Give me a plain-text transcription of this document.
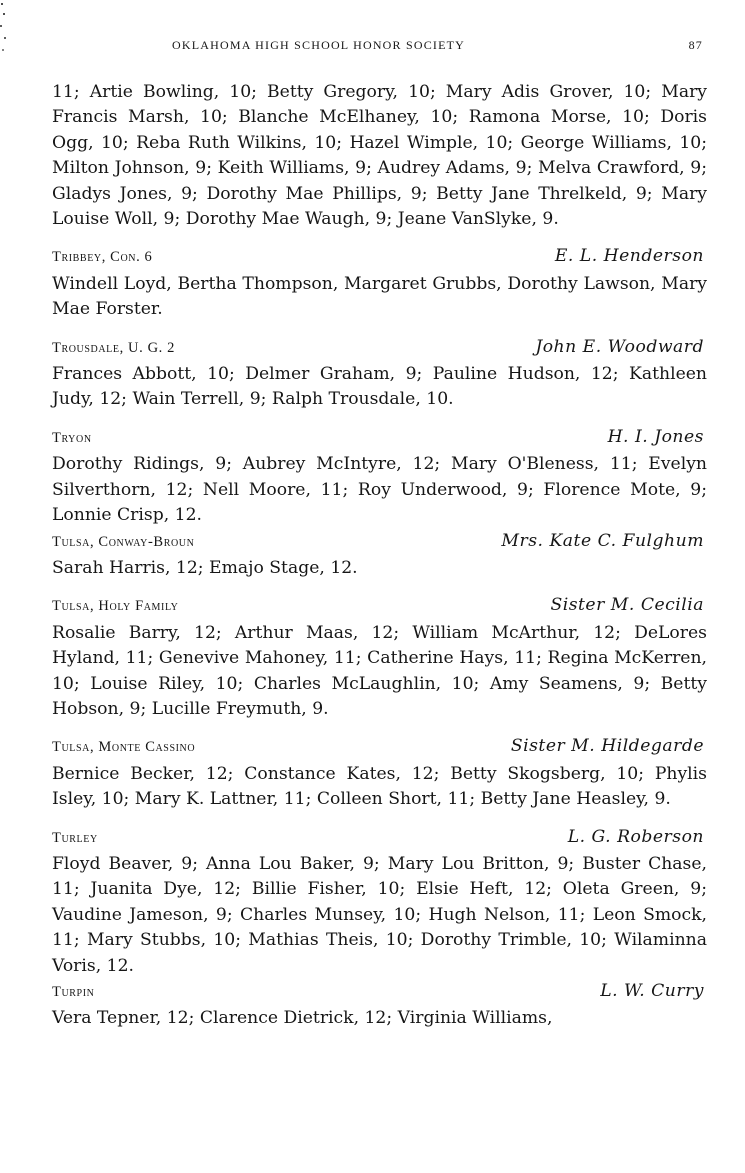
OKLAHOMA HIGH SCHOOL HONOR SOCIETY	87

11; Artie Bowling, 10; Betty Gregory, 10; Mary Adis Grover, 10; Mary Francis Marsh, 10; Blanche McElhaney, 10; Ramona Morse, 10; Doris Ogg, 10; Reba Ruth Wilkins, 10; Hazel Wimple, 10; George Williams, 10; Milton Johnson, 9; Keith Williams, 9; Audrey Adams, 9; Melva Crawford, 9; Gladys Jones, 9; Dorothy Mae Phillips, 9; Betty Jane Threlkeld, 9; Mary Louise Woll, 9; Dorothy Mae Waugh, 9; Jeane VanSlyke, 9.

Tribbey, Con. 6	E. L. Henderson

Windell Loyd, Bertha Thompson, Margaret Grubbs, Dorothy Lawson, Mary Mae Forster.

Trousdale, U. G. 2	John E. Woodward

Frances Abbott, 10; Delmer Graham, 9; Pauline Hudson, 12; Kathleen Judy, 12; Wain Terrell, 9; Ralph Trousdale, 10.

Tryon	H. I. Jones

Dorothy Ridings, 9; Aubrey McIntyre, 12; Mary O'Bleness, 11; Evelyn Silverthorn, 12; Nell Moore, 11; Roy Underwood, 9; Florence Mote, 9; Lonnie Crisp, 12.

Tulsa, Conway-Broun	Mrs. Kate C. Fulghum

Sarah Harris, 12; Emajo Stage, 12.

Tulsa, Holy Family	Sister M. Cecilia

Rosalie Barry, 12; Arthur Maas, 12; William McArthur, 12; DeLores Hyland, 11; Genevive Mahoney, 11; Catherine Hays, 11; Regina McKerren, 10; Louise Riley, 10; Charles McLaughlin, 10; Amy Seamens, 9; Betty Hobson, 9; Lucille Freymuth, 9.

Tulsa, Monte Cassino	Sister M. Hildegarde

Bernice Becker, 12; Constance Kates, 12; Betty Skogsberg, 10; Phylis Isley, 10; Mary K. Lattner, 11; Colleen Short, 11; Betty Jane Heasley, 9.

Turley	L. G. Roberson

Floyd Beaver, 9; Anna Lou Baker, 9; Mary Lou Britton, 9; Buster Chase, 11; Juanita Dye, 12; Billie Fisher, 10; Elsie Heft, 12; Oleta Green, 9; Vaudine Jameson, 9; Charles Munsey, 10; Hugh Nelson, 11; Leon Smock, 11; Mary Stubbs, 10; Mathias Theis, 10; Dorothy Trimble, 10; Wilaminna Voris, 12.

Turpin	L. W. Curry

Vera Tepner, 12; Clarence Dietrick, 12; Virginia Williams,
